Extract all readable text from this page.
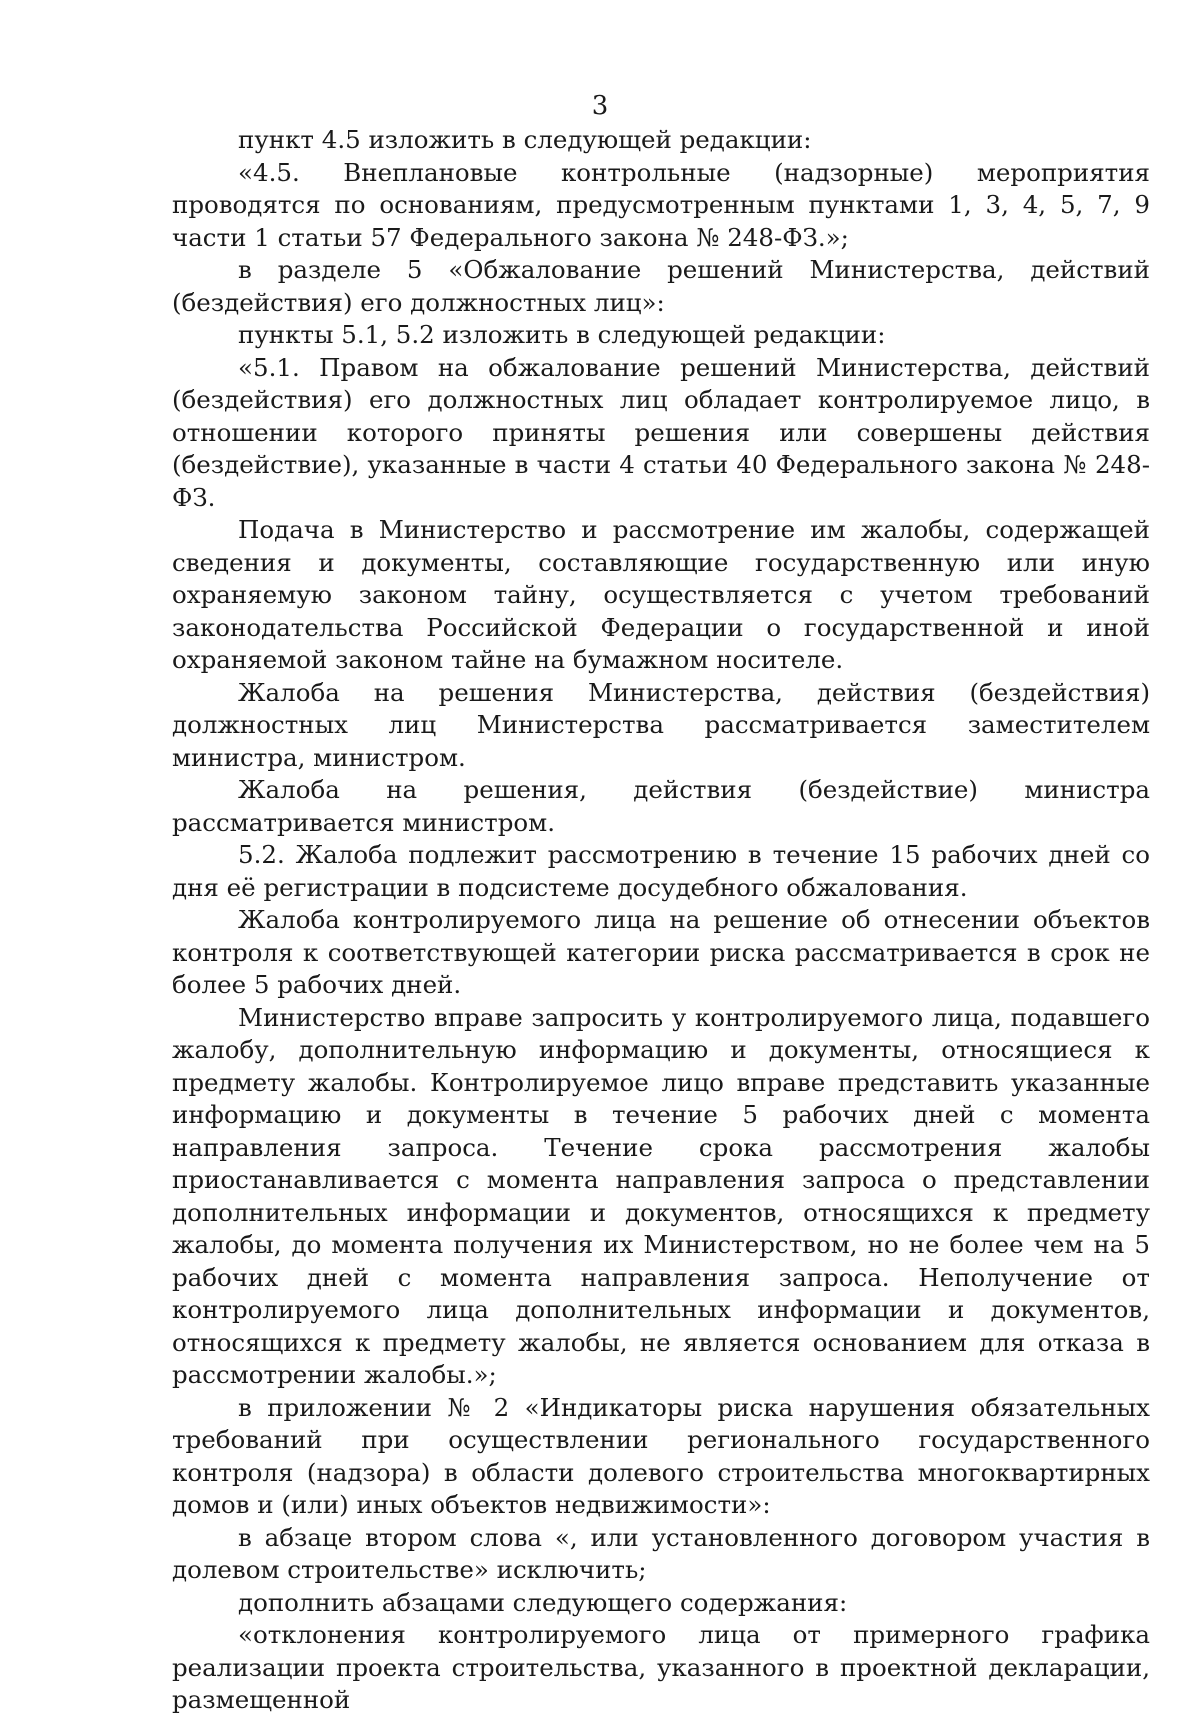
3

пункт 4.5 изложить в следующей редакции:

«4.5. Внеплановые контрольные (надзорные) мероприятия проводятся по основаниям, предусмотренным пунктами 1, 3, 4, 5, 7, 9 части 1 статьи 57 Федерального закона № 248-ФЗ.»;

в разделе 5 «Обжалование решений Министерства, действий (бездействия) его должностных лиц»:

пункты 5.1, 5.2 изложить в следующей редакции:

«5.1. Правом на обжалование решений Министерства, действий (бездействия) его должностных лиц обладает контролируемое лицо, в отношении которого приняты решения или совершены действия (бездействие), указанные в части 4 статьи 40 Федерального закона № 248-ФЗ.

Подача в Министерство и рассмотрение им жалобы, содержащей сведения и документы, составляющие государственную или иную охраняемую законом тайну, осуществляется с учетом требований законодательства Российской Федерации о государственной и иной охраняемой законом тайне на бумажном носителе.

Жалоба на решения Министерства, действия (бездействия) должностных лиц Министерства рассматривается заместителем министра, министром.

Жалоба на решения, действия (бездействие) министра рассматривается министром.

5.2. Жалоба подлежит рассмотрению в течение 15 рабочих дней со дня её регистрации в подсистеме досудебного обжалования.

Жалоба контролируемого лица на решение об отнесении объектов контроля к соответствующей категории риска рассматривается в срок не более 5 рабочих дней.

Министерство вправе запросить у контролируемого лица, подавшего жалобу, дополнительную информацию и документы, относящиеся к предмету жалобы. Контролируемое лицо вправе представить указанные информацию и документы в течение 5 рабочих дней с момента направления запроса. Течение срока рассмотрения жалобы приостанавливается с момента направления запроса о представлении дополнительных информации и документов, относящихся к предмету жалобы, до момента получения их Министерством, но не более чем на 5 рабочих дней с момента направления запроса. Неполучение от контролируемого лица дополнительных информации и документов, относящихся к предмету жалобы, не является основанием для отказа в рассмотрении жалобы.»;

в приложении № 2 «Индикаторы риска нарушения обязательных требований при осуществлении регионального государственного контроля (надзора) в области долевого строительства многоквартирных домов и (или) иных объектов недвижимости»:

в абзаце втором слова «, или установленного договором участия в долевом строительстве» исключить;

дополнить абзацами следующего содержания:

«отклонения контролируемого лица от примерного графика реализации проекта строительства, указанного в проектной декларации, размещенной
